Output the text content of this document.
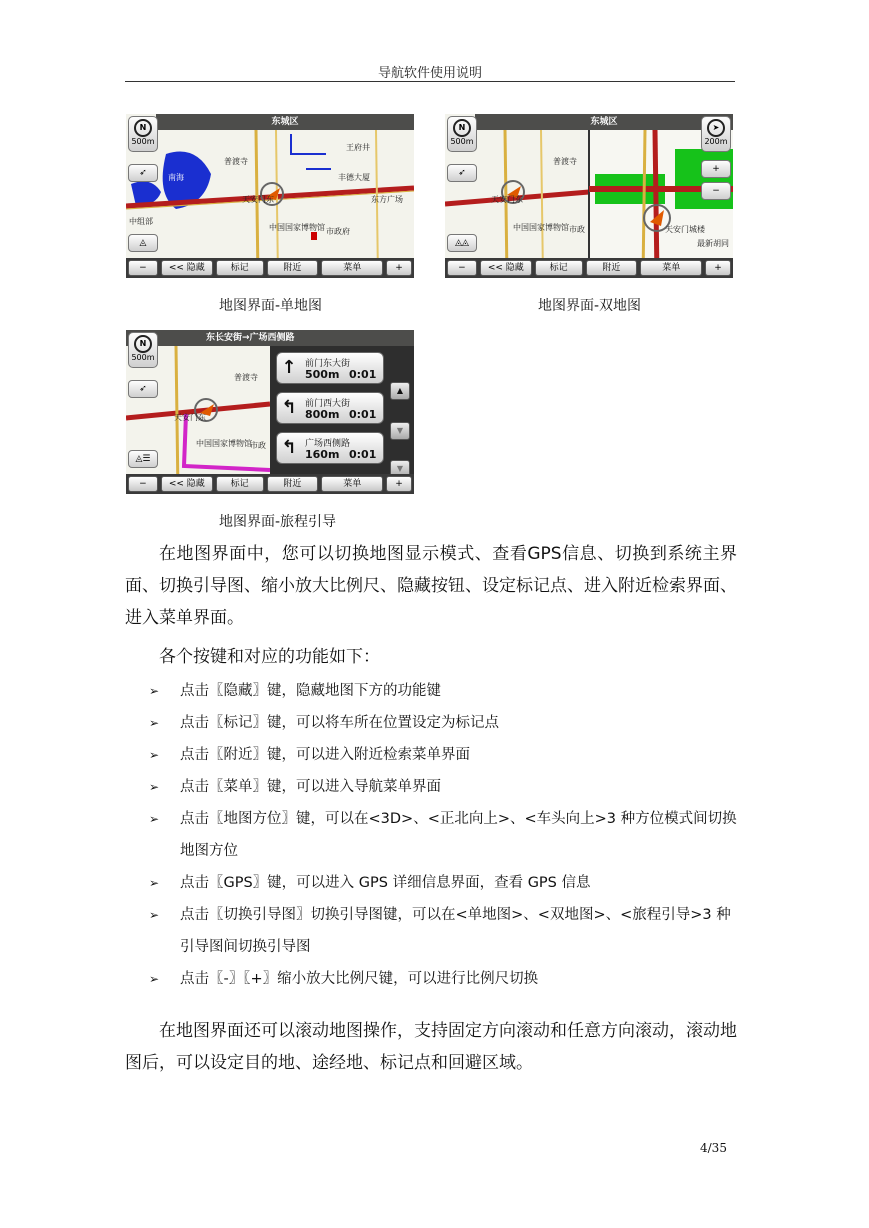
导航软件使用说明
东城区
N
500m
➶
◬
普渡寺
王府井
丰德大厦
天安门东
中国国家博物馆 市政府
中组部
东方广场
南海
−	<< 隐藏	标记	附近	菜单	+
地图界面-单地图
东城区
N
500m
➤
200m
+
−
➶
◬◬
普渡寺
天安门东
中国国家博物馆 市政	天安门城楼
最新胡同
−	<< 隐藏	标记	附近	菜单	+
地图界面-双地图
东长安街→广场西侧路
N
500m
➶
◬☰
普渡寺
天安门东
中国国家博物馆
市政
↑ 前门东大街
500m 0:01
↰ 前门西大街
800m 0:01
↰ 广场西侧路
160m 0:01
▲
▼
▼
−	<< 隐藏	标记	附近	菜单	+
地图界面-旅程引导
在地图界面中，您可以切换地图显示模式、查看GPS信息、切换到系统主界面、切换引导图、缩小放大比例尺、隐藏按钮、设定标记点、进入附近检索界面、进入菜单界面。
各个按键和对应的功能如下：
➢ 点击〖隐藏〗键，隐藏地图下方的功能键
➢ 点击〖标记〗键，可以将车所在位置设定为标记点
➢ 点击〖附近〗键，可以进入附近检索菜单界面
➢ 点击〖菜单〗键，可以进入导航菜单界面
➢ 点击〖地图方位〗键，可以在<3D>、<正北向上>、<车头向上>3 种方位模式间切换地图方位
➢ 点击〖GPS〗键，可以进入 GPS 详细信息界面，查看 GPS 信息
➢ 点击〖切换引导图〗切换引导图键，可以在<单地图>、<双地图>、<旅程引导>3 种引导图间切换引导图
➢ 点击〖-〗〖+〗缩小放大比例尺键，可以进行比例尺切换
在地图界面还可以滚动地图操作，支持固定方向滚动和任意方向滚动，滚动地图后，可以设定目的地、途经地、标记点和回避区域。
4/35
